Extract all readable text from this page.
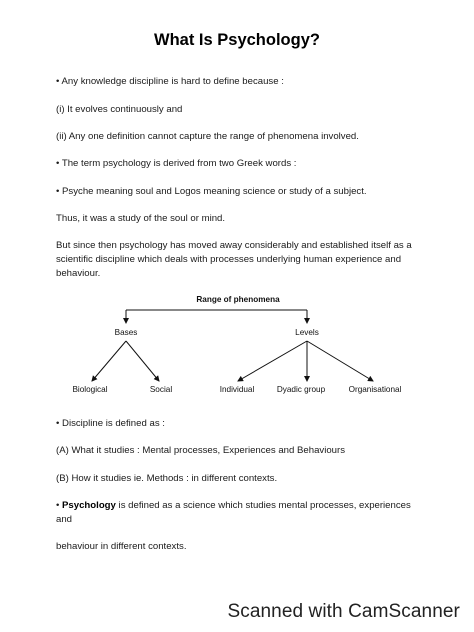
What Is Psychology?
• Any knowledge discipline is hard to define because :
(i) It evolves continuously and
(ii) Any one definition cannot capture the range of phenomena involved.
• The term psychology is derived from two Greek words :
• Psyche meaning soul and Logos meaning science or study of a subject.
Thus, it was a study of the soul or mind.
But since then psychology has moved away considerably and established itself as a scientific discipline which deals with processes underlying human experience and behaviour.
Range of phenomena
Bases	Levels
Biological	Social	Individual	Dyadic group	Organisational
• Discipline is defined as :
(A) What it studies : Mental processes, Experiences and Behaviours
(B) How it studies ie. Methods : in different contexts.
• Psychology is defined as a science which studies mental processes, experiences and
behaviour in different contexts.
Scanned with CamScanner
